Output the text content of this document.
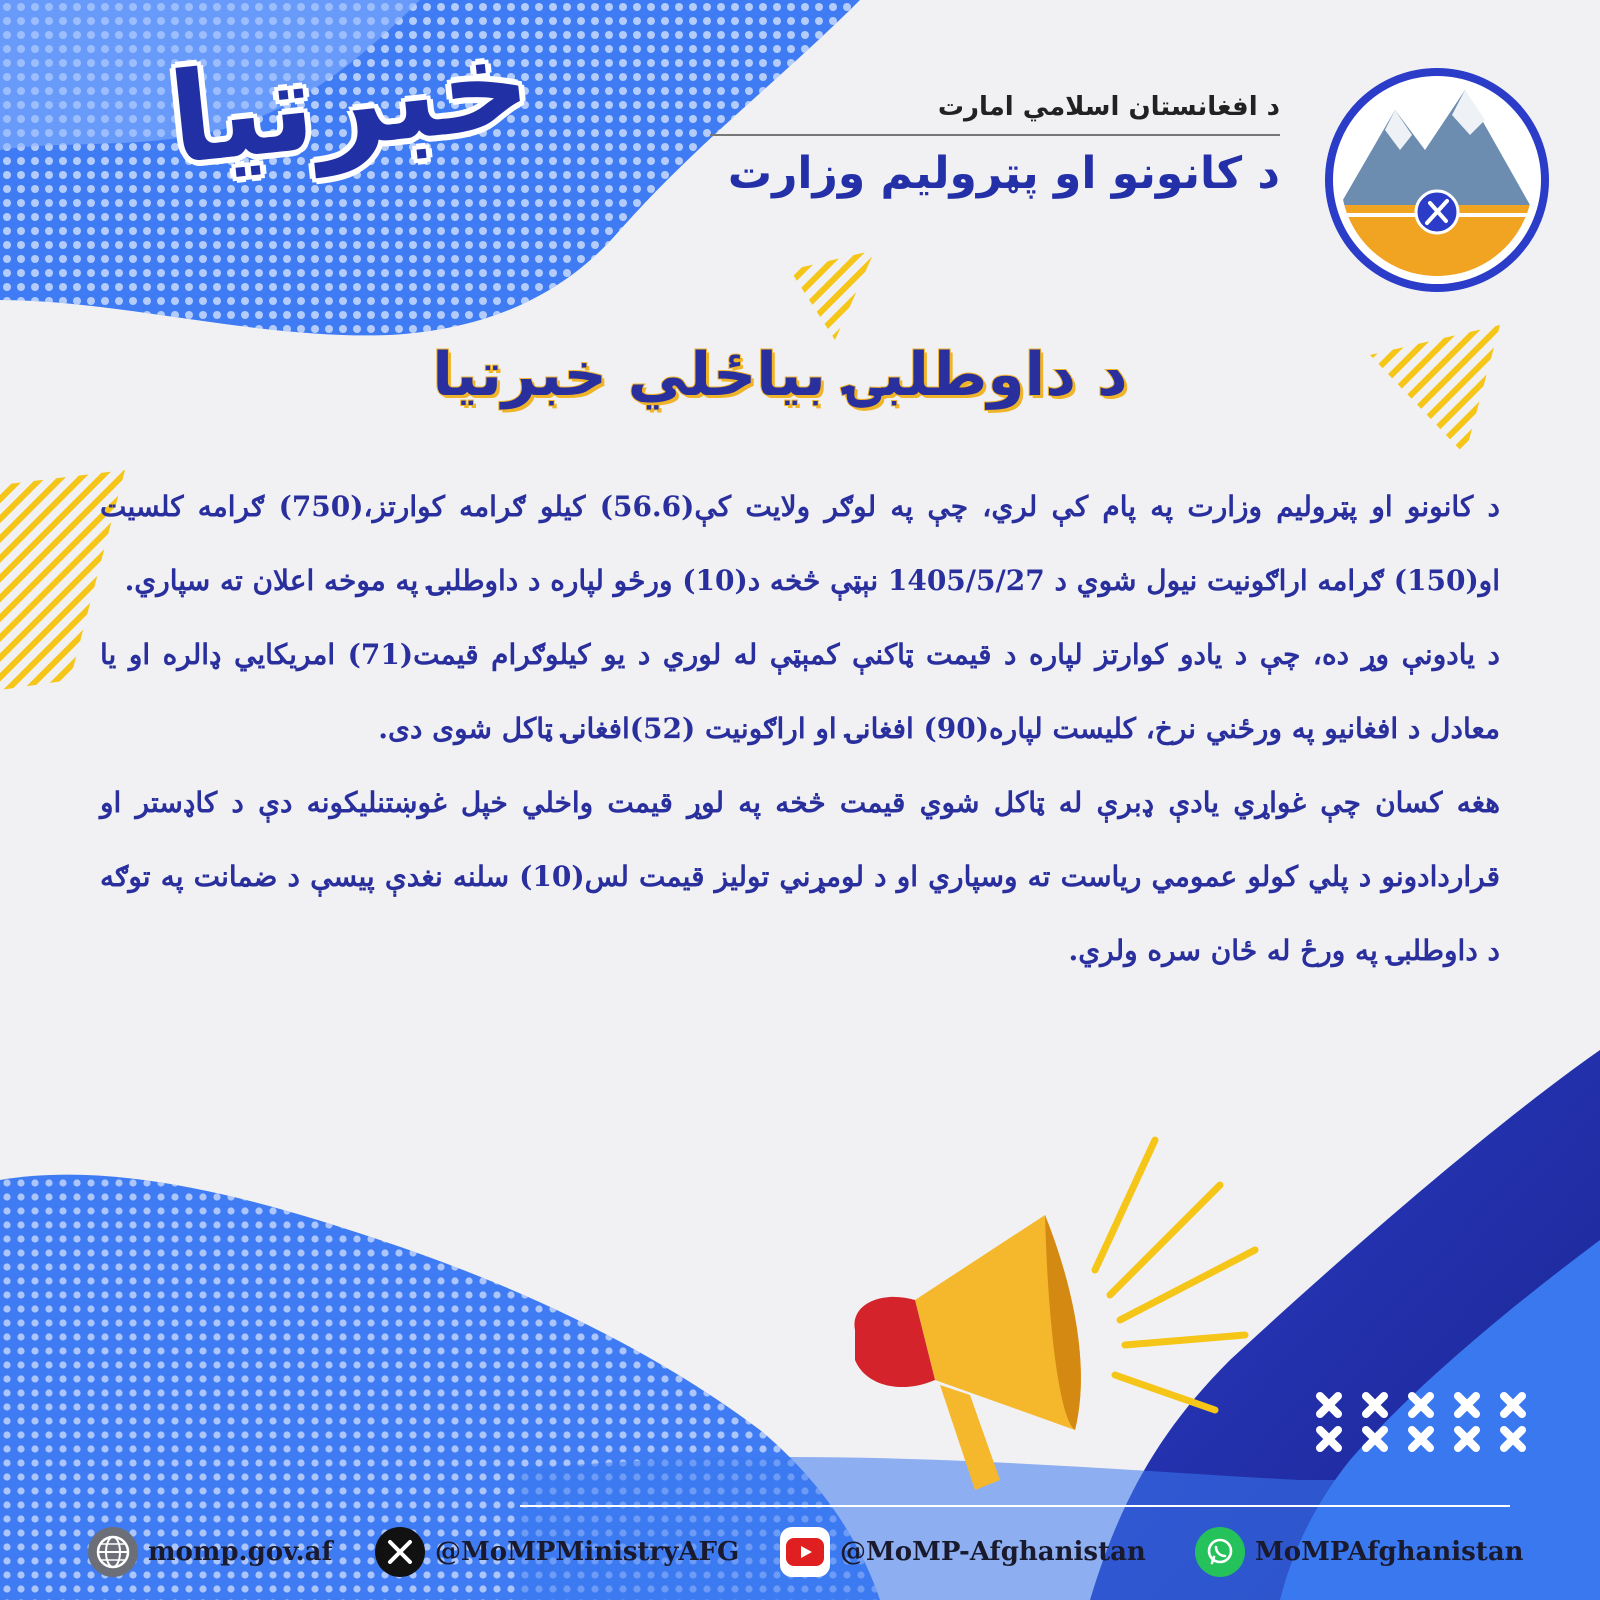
خبرتیا	د افغانستان اسلامي امارت
د کانونو او پټرولیم وزارت
د داوطلبۍ بیاځلي خبرتیا

د کانونو او پټرولیم وزارت په پام کې لري، چې په لوګر ولایت کې(56.6) کیلو ګرامه کوارتز،(750) ګرامه کلسیت او(150) ګرامه اراګونیت نیول شوي د 1405/5/27 نېټې څخه د(10) ورځو لپاره د داوطلبۍ په موخه اعلان ته سپاري.

د یادونې وړ ده، چې د یادو کوارتز لپاره د قیمت ټاکنې کمېټې له لوري د یو کیلوګرام قیمت(71) امریکایي ډالره او یا معادل د افغانیو په ورځني نرخ، کلیست لپاره(90) افغانۍ او اراګونیت (52)افغانۍ ټاکل شوی دی.

هغه کسان چې غواړي یادې ډبرې له ټاکل شوي قیمت څخه په لوړ قیمت واخلي خپل غوښتنلیکونه دې د کاډستر او قراردادونو د پلي کولو عمومي ریاست ته وسپاري او د لومړني تولیز قیمت لس(10) سلنه نغدې پیسې د ضمانت په توګه د داوطلبۍ په ورځ له ځان سره ولري.

momp.gov.af	@MoMPMinistryAFG	@MoMP-Afghanistan	MoMPAfghanistan
